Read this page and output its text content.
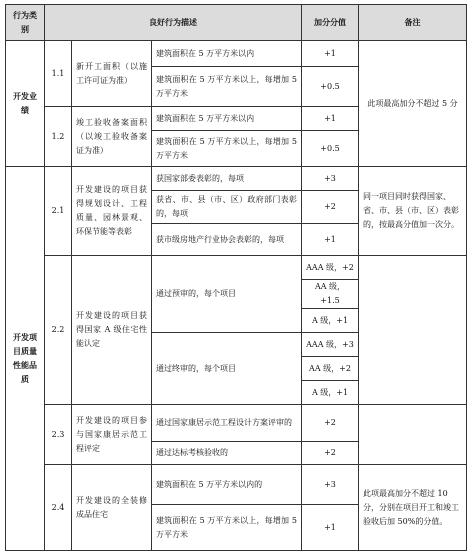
行为类别	良好行为描述			加分分值	备注
开发业绩	1.1	新开工面积（以施工许可证为准）	建筑面积在 5 万平方米以内	+1	此项最高加分不超过 5 分
			建筑面积在 5 万平方米以上，每增加 5 万平方米	+0.5	
	1.2	竣工验收备案面积（以竣工验收备案证为准）	建筑面积在 5 万平方米以内	+1	
			建筑面积在 5 万平方米以上，每增加 5 万平方米	+0.5	
开发项目质量性能品质	2.1	开发建设的项目获得规划设计、工程质量、园林景观、环保节能等表彰	获国家部委表彰的，每项	+3	同一项目同时获得国家、省、市、县（市、区）表彰的，按最高分值加一次分。
			获省、市、县（市、区）政府部门表彰的，每项	+2	
			获市级房地产行业协会表彰的，每项	+1	
	2.2	开发建设的项目获得国家 A 级住宅性能认定	通过预审的，每个项目	AAA 级，+2	
				AA 级，+1.5	
				A 级，+1	
			通过终审的，每个项目	AAA 级，+3	
				AA 级，+2	
				A 级，+1	
	2.3	开发建设的项目参与国家康居示范工程评定	通过国家康居示范工程设计方案评审的	+2	
			通过达标考核验收的	+2	
	2.4	开发建设的全装修成品住宅	建筑面积在 5 万平方米以内的	+3	此项最高加分不超过 10 分，分别在项目开工和竣工验收后加 50%的分值。
			建筑面积在 5 万平方米以上，每增加 5 万平方米	+1	
